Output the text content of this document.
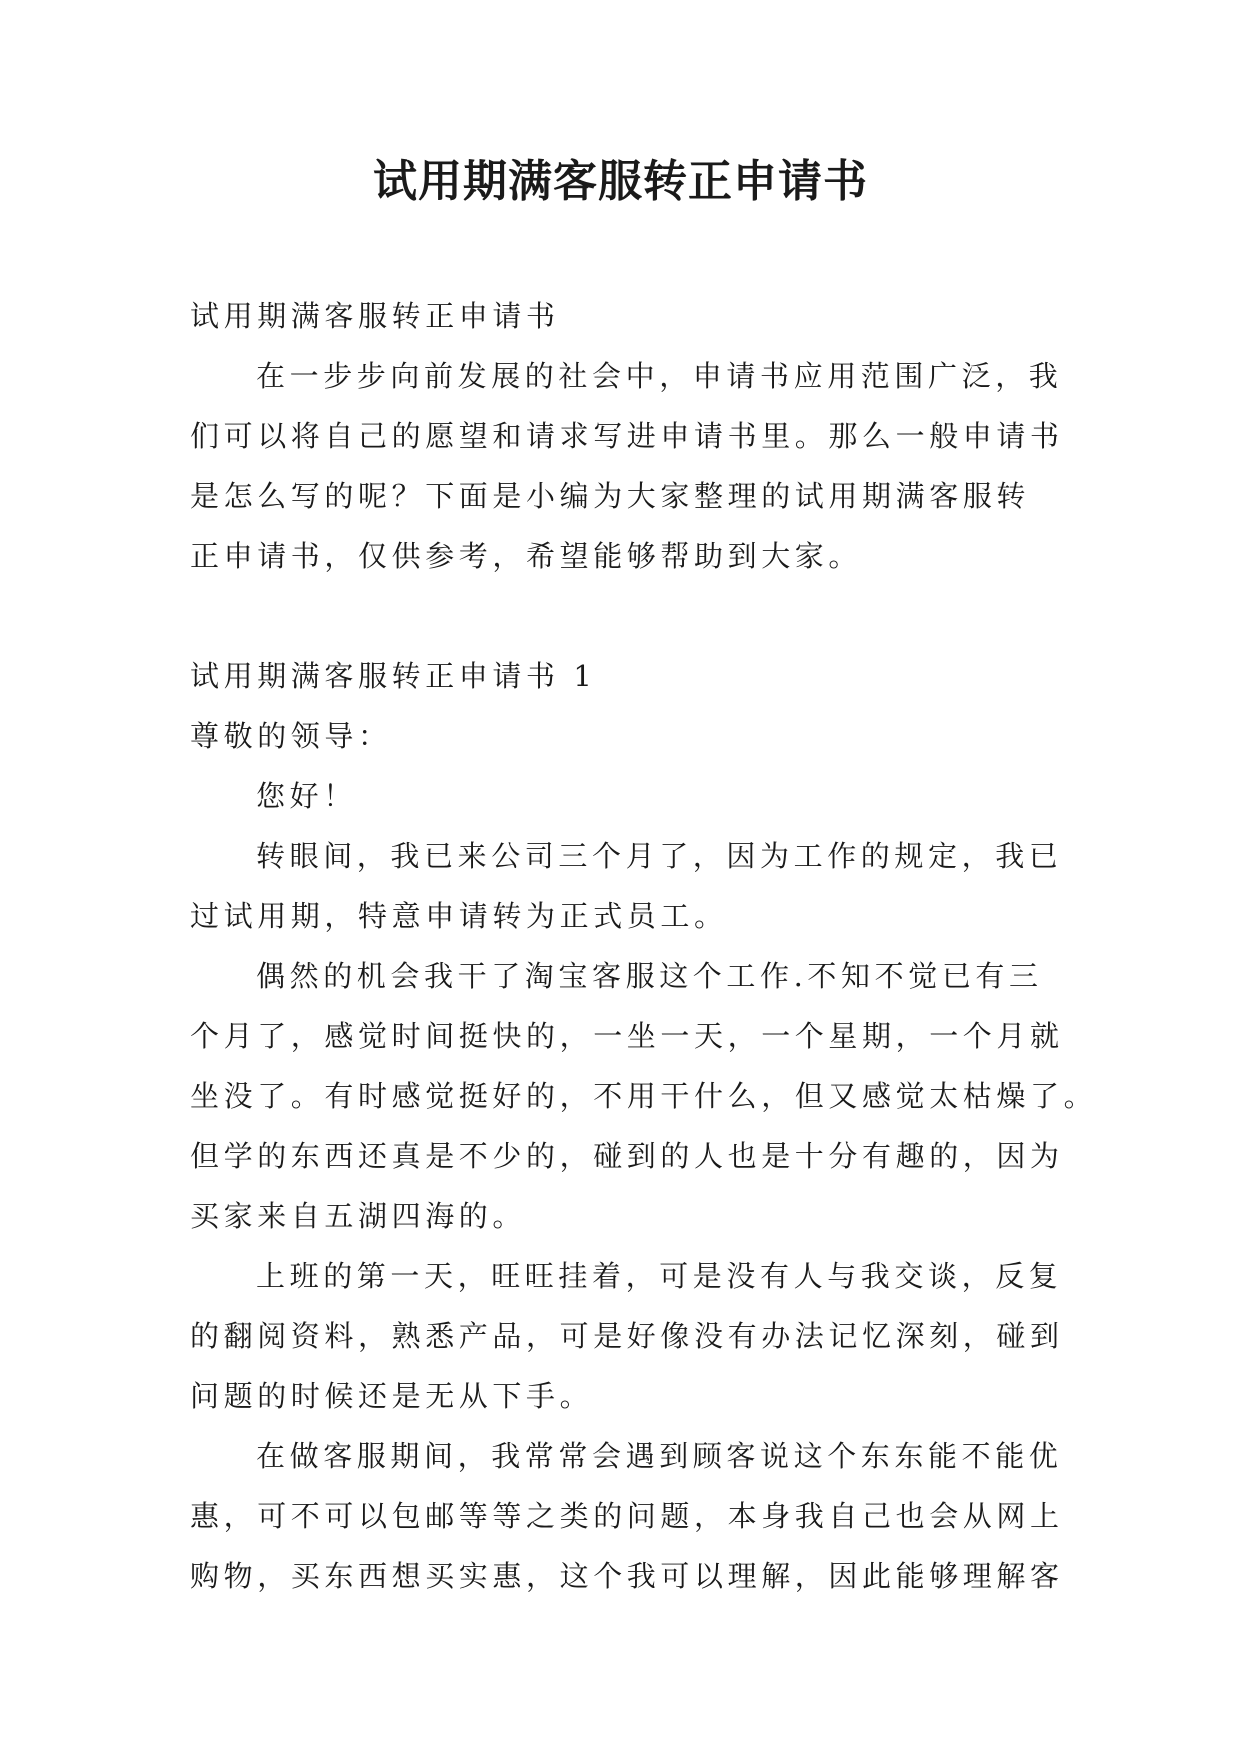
试用期满客服转正申请书

试用期满客服转正申请书

在一步步向前发展的社会中，申请书应用范围广泛，我

们可以将自己的愿望和请求写进申请书里。那么一般申请书

是怎么写的呢？下面是小编为大家整理的试用期满客服转

正申请书，仅供参考，希望能够帮助到大家。

试用期满客服转正申请书 1

尊敬的领导：

您好！

转眼间，我已来公司三个月了，因为工作的规定，我已

过试用期，特意申请转为正式员工。

偶然的机会我干了淘宝客服这个工作.不知不觉已有三

个月了，感觉时间挺快的，一坐一天，一个星期，一个月就

坐没了。有时感觉挺好的，不用干什么，但又感觉太枯燥了。

但学的东西还真是不少的，碰到的人也是十分有趣的，因为

买家来自五湖四海的。

上班的第一天，旺旺挂着，可是没有人与我交谈，反复

的翻阅资料，熟悉产品，可是好像没有办法记忆深刻，碰到

问题的时候还是无从下手。

在做客服期间，我常常会遇到顾客说这个东东能不能优

惠，可不可以包邮等等之类的问题，本身我自己也会从网上

购物，买东西想买实惠，这个我可以理解，因此能够理解客
